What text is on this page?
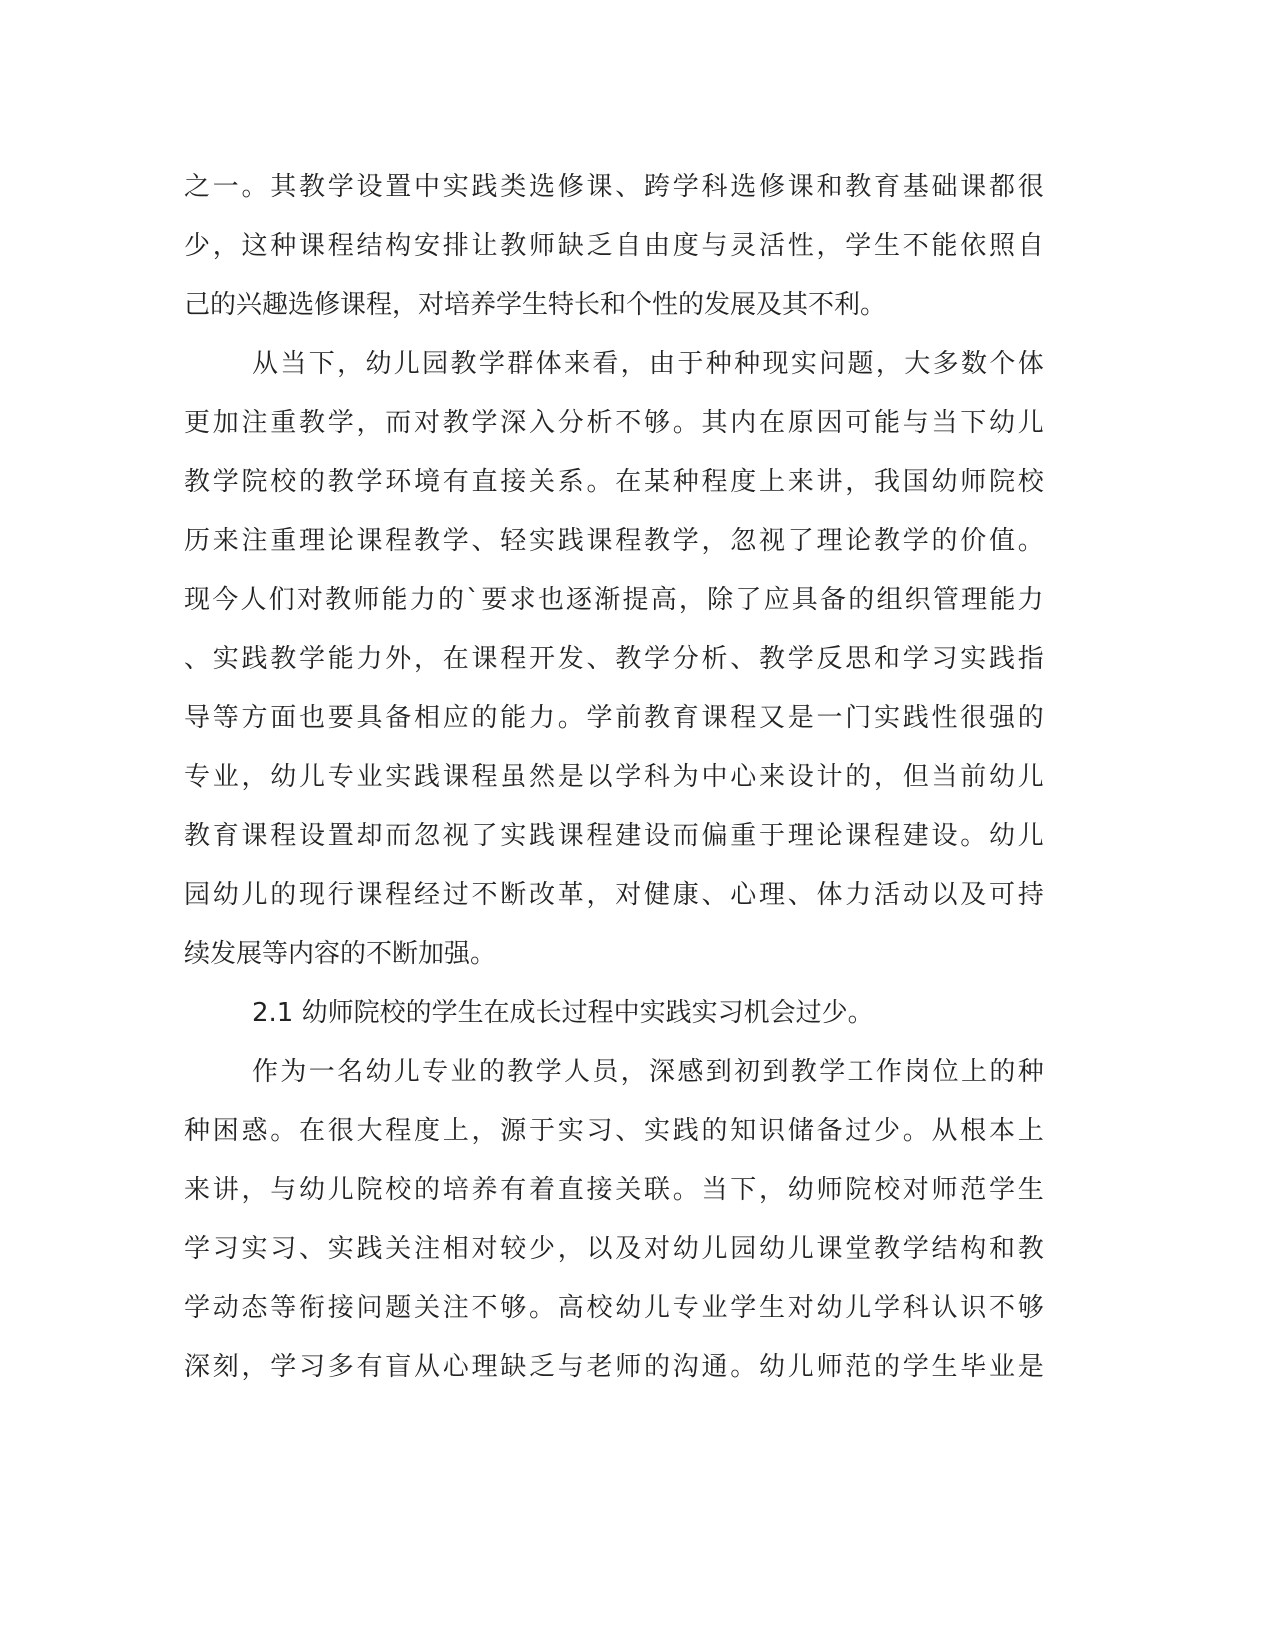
之 一 。 其 教 学 设 置 中 实 践 类 选 修 课 、 跨 学 科 选 修 课 和 教 育 基 础 课 都 很
少 ， 这 种 课 程 结 构 安 排 让 教 师 缺 乏 自 由 度 与 灵 活 性 ， 学 生 不 能 依 照 自
己的兴趣选修课程，对培养学生特长和个性的发展及其不利。
从 当 下 ， 幼 儿 园 教 学 群 体 来 看 ， 由 于 种 种 现 实 问 题 ， 大 多 数 个 体
更 加 注 重 教 学 ， 而 对 教 学 深 入 分 析 不 够 。 其 内 在 原 因 可 能 与 当 下 幼 儿
教 学 院 校 的 教 学 环 境 有 直 接 关 系 。 在 某 种 程 度 上 来 讲 ， 我 国 幼 师 院 校
历 来 注 重 理 论 课 程 教 学 、 轻 实 践 课 程 教 学 ， 忽 视 了 理 论 教 学 的 价 值 。
现 今 人 们 对 教 师 能 力 的 ` 要 求 也 逐 渐 提 高 ， 除 了 应 具 备 的 组 织 管 理 能 力
、 实 践 教 学 能 力 外 ， 在 课 程 开 发 、 教 学 分 析 、 教 学 反 思 和 学 习 实 践 指
导 等 方 面 也 要 具 备 相 应 的 能 力 。 学 前 教 育 课 程 又 是 一 门 实 践 性 很 强 的
专 业 ， 幼 儿 专 业 实 践 课 程 虽 然 是 以 学 科 为 中 心 来 设 计 的 ， 但 当 前 幼 儿
教 育 课 程 设 置 却 而 忽 视 了 实 践 课 程 建 设 而 偏 重 于 理 论 课 程 建 设 。 幼 儿
园 幼 儿 的 现 行 课 程 经 过 不 断 改 革 ， 对 健 康 、 心 理 、 体 力 活 动 以 及 可 持
续发展等内容的不断加强。
2.1 幼师院校的学生在成长过程中实践实习机会过少。
作 为 一 名 幼 儿 专 业 的 教 学 人 员 ， 深 感 到 初 到 教 学 工 作 岗 位 上 的 种
种 困 惑 。 在 很 大 程 度 上 ， 源 于 实 习 、 实 践 的 知 识 储 备 过 少 。 从 根 本 上
来 讲 ， 与 幼 儿 院 校 的 培 养 有 着 直 接 关 联 。 当 下 ， 幼 师 院 校 对 师 范 学 生
学 习 实 习 、 实 践 关 注 相 对 较 少 ， 以 及 对 幼 儿 园 幼 儿 课 堂 教 学 结 构 和 教
学 动 态 等 衔 接 问 题 关 注 不 够 。 高 校 幼 儿 专 业 学 生 对 幼 儿 学 科 认 识 不 够
深 刻 ， 学 习 多 有 盲 从 心 理 缺 乏 与 老 师 的 沟 通 。 幼 儿 师 范 的 学 生 毕 业 是
